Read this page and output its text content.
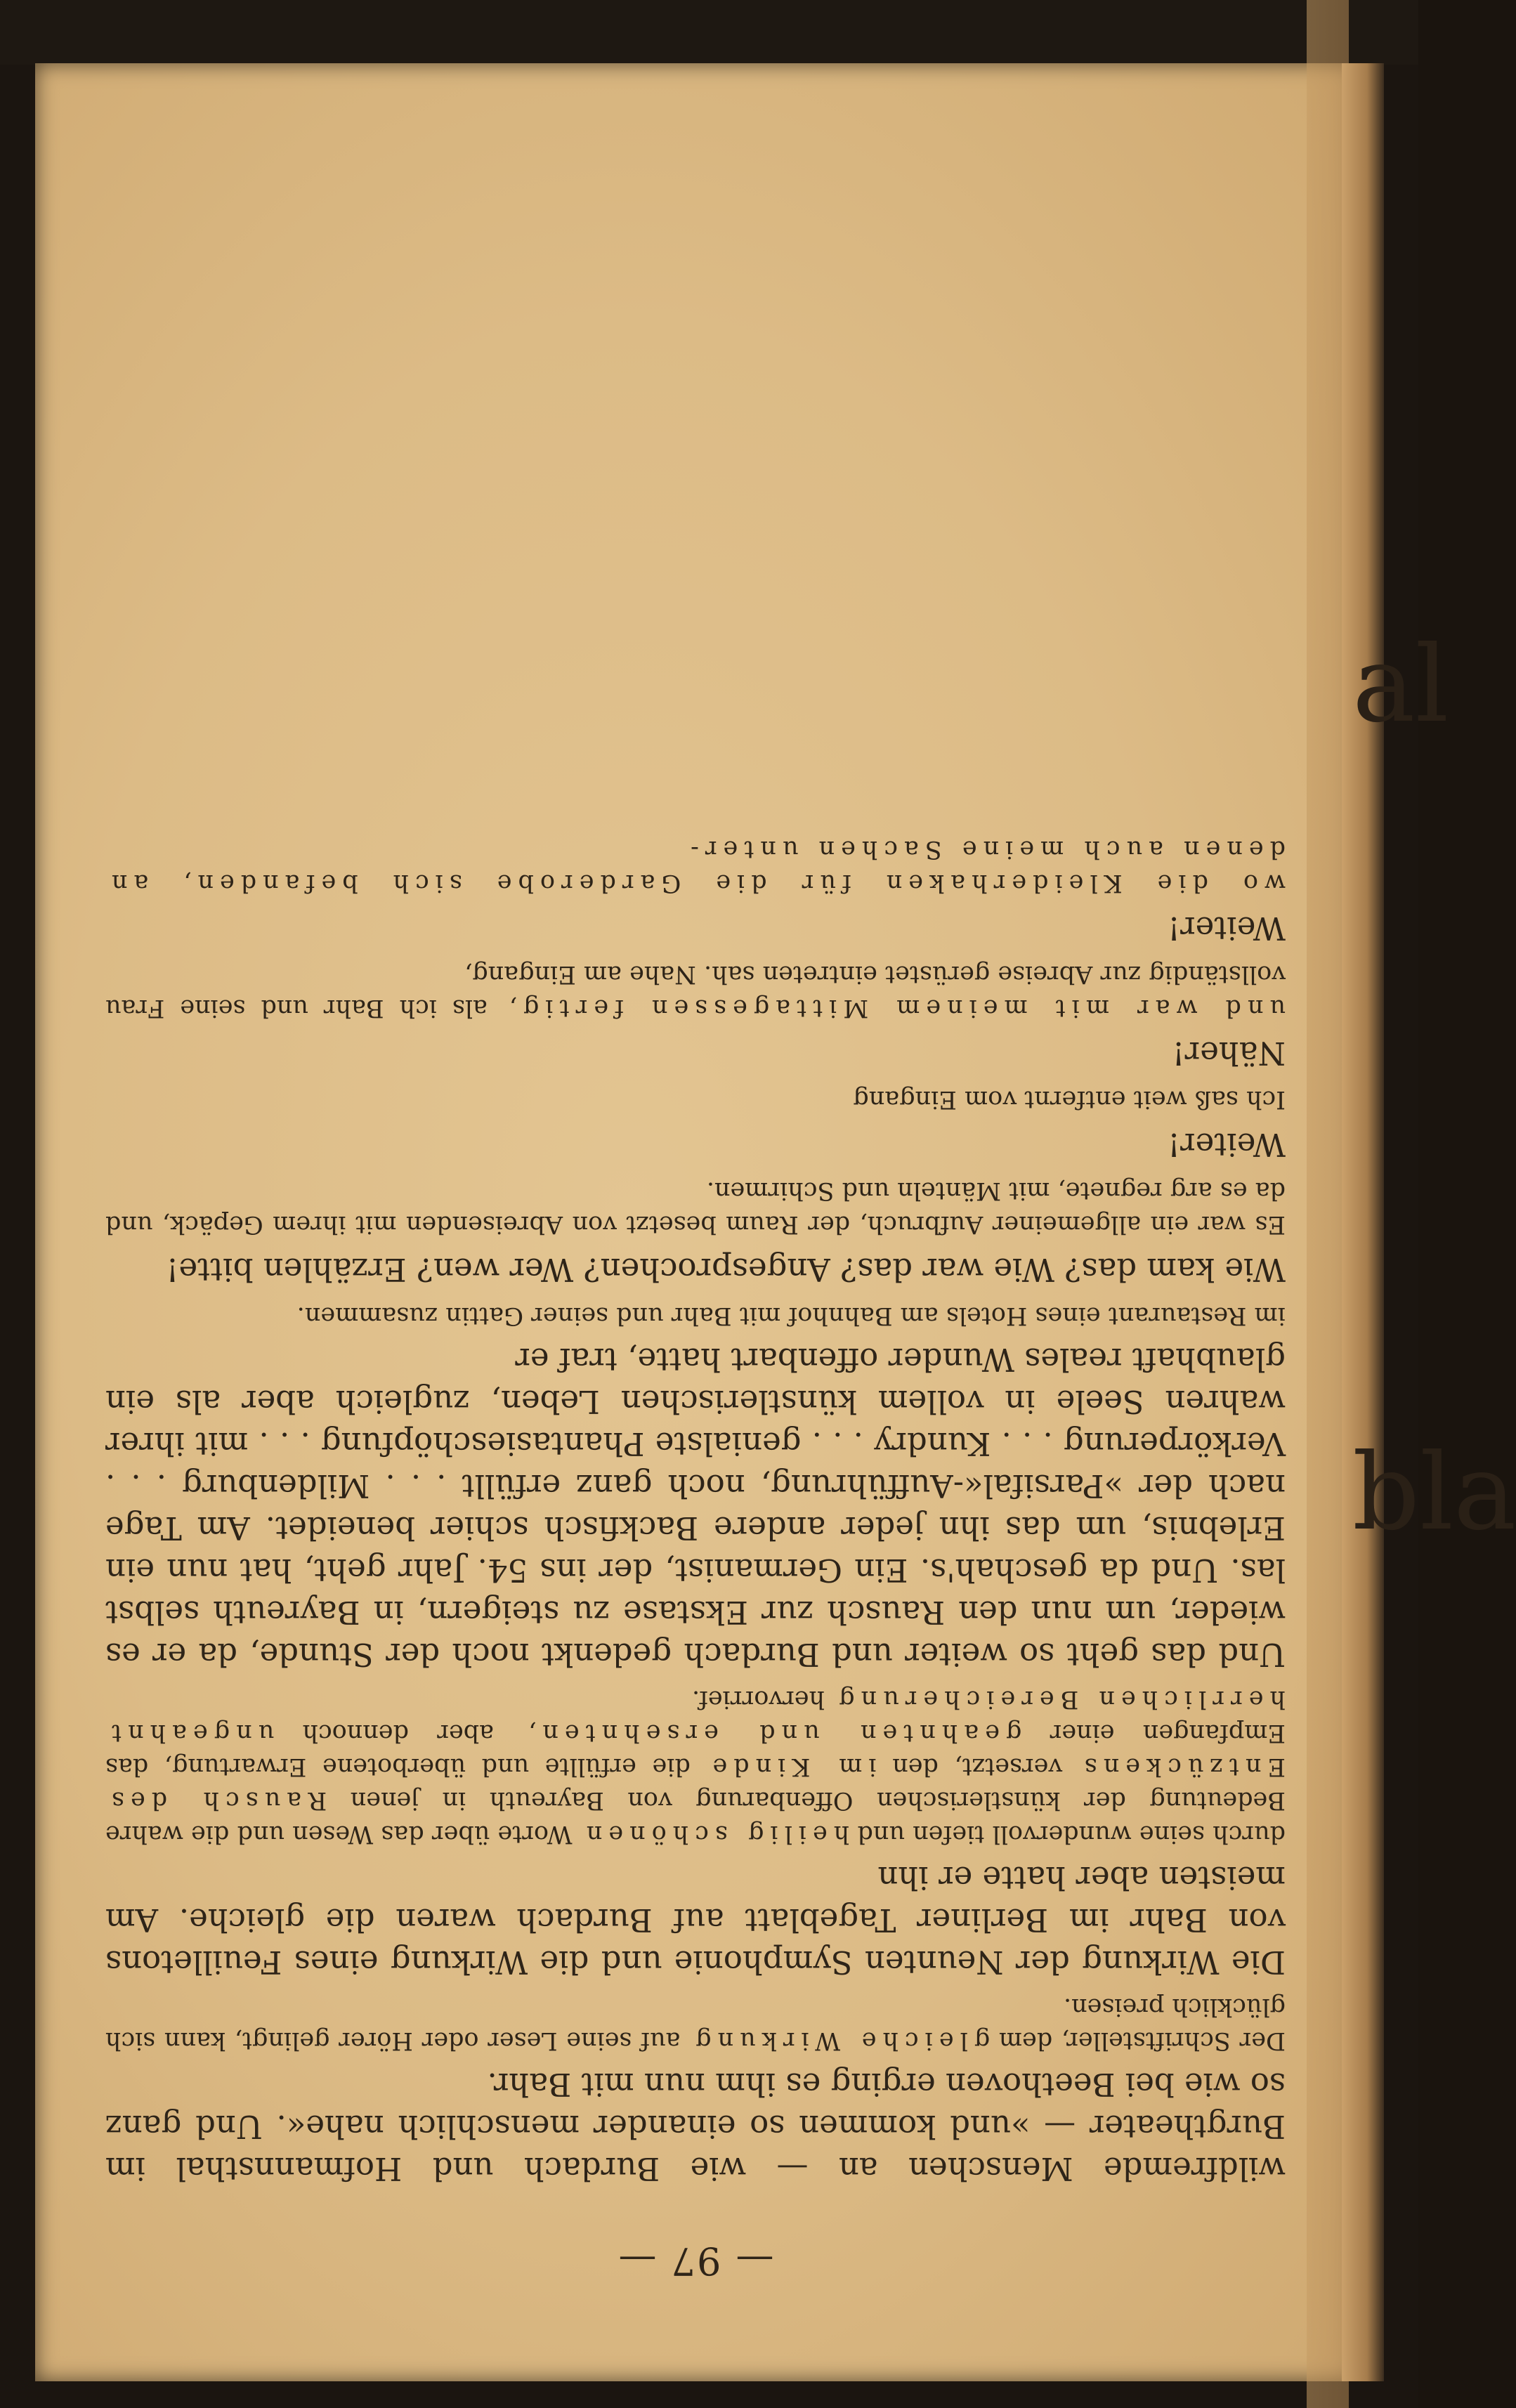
al
bla
— 97 —

wildfremde Menschen an — wie Burdach und Hofmannsthal im Burgtheater — »und kommen so einander menschlich nahe«. Und ganz so wie bei Beethoven erging es ihm nun mit Bahr.

Der Schriftsteller, dem gleiche Wirkung auf seine Leser oder Hörer gelingt, kann sich glücklich preisen.

Die Wirkung der Neunten Symphonie und die Wirkung eines Feuilletons von Bahr im Berliner Tageblatt auf Burdach waren die gleiche. Am meisten aber hatte er ihn

durch seine wundervoll tiefen und heilig schönen Worte über das Wesen und die wahre Bedeutung der künstlerischen Offenbarung von Bayreuth in jenen Rausch des Entzückens versetzt, den im Kinde die erfüllte und überbotene Erwartung, das Empfangen einer geahnten und ersehnten, aber dennoch ungeahnt herrlichen Bereicherung hervorrief.

Und das geht so weiter und Burdach gedenkt noch der Stunde, da er es wieder, um nun den Rausch zur Ekstase zu steigern, in Bayreuth selbst las. Und da geschah's. Ein Germanist, der ins 54. Jahr geht, hat nun ein Erlebnis, um das ihn jeder andere Backfisch schier beneidet. Am Tage nach der »Parsifal«-Aufführung, noch ganz erfüllt . . . Mildenburg . . . Verkörperung . . . Kundry . . . genialste Phantasieschöpfung . . . mit ihrer wahren Seele in vollem künstlerischen Leben, zugleich aber als ein glaubhaft reales Wunder offenbart hatte, traf er

im Restaurant eines Hotels am Bahnhof mit Bahr und seiner Gattin zusammen.

Wie kam das? Wie war das? Angesprochen? Wer wen? Erzählen bitte!

Es war ein allgemeiner Aufbruch, der Raum besetzt von Abreisenden mit ihrem Gepäck, und da es arg regnete, mit Mänteln und Schirmen.

Weiter!

Ich saß weit entfernt vom Eingang

Näher!

und war mit meinem Mittagessen fertig, als ich Bahr und seine Frau vollständig zur Abreise gerüstet eintreten sah. Nahe am Eingang,

Weiter!

wo die Kleiderhaken für die Garderobe sich befanden, an denen auch meine Sachen unter-
